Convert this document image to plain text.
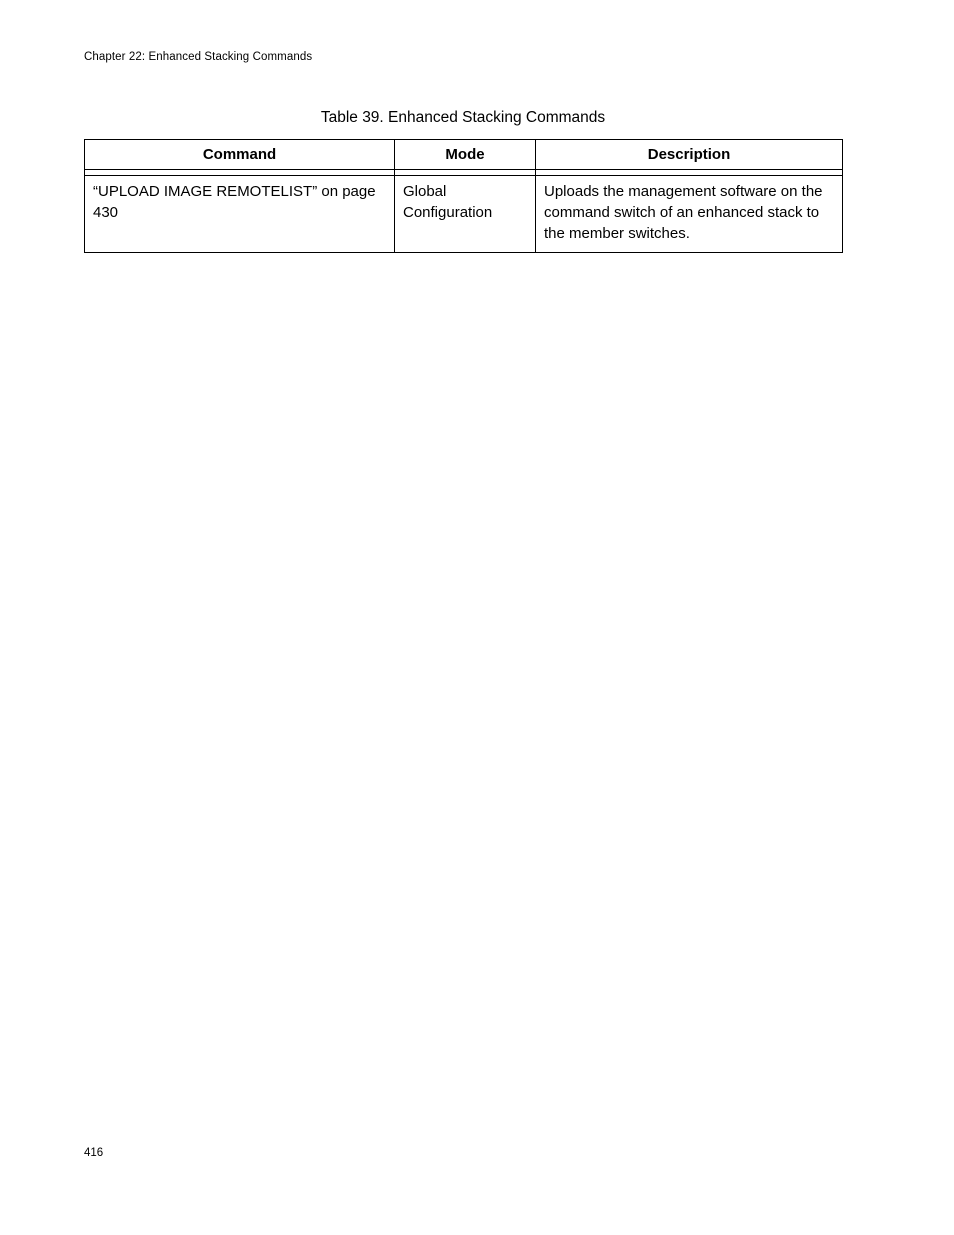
Chapter 22: Enhanced Stacking Commands
Table 39. Enhanced Stacking Commands
Command	Mode	Description

“UPLOAD IMAGE REMOTELIST” on page 430	Global Configuration	Uploads the management software on the command switch of an enhanced stack to the member switches.
416
